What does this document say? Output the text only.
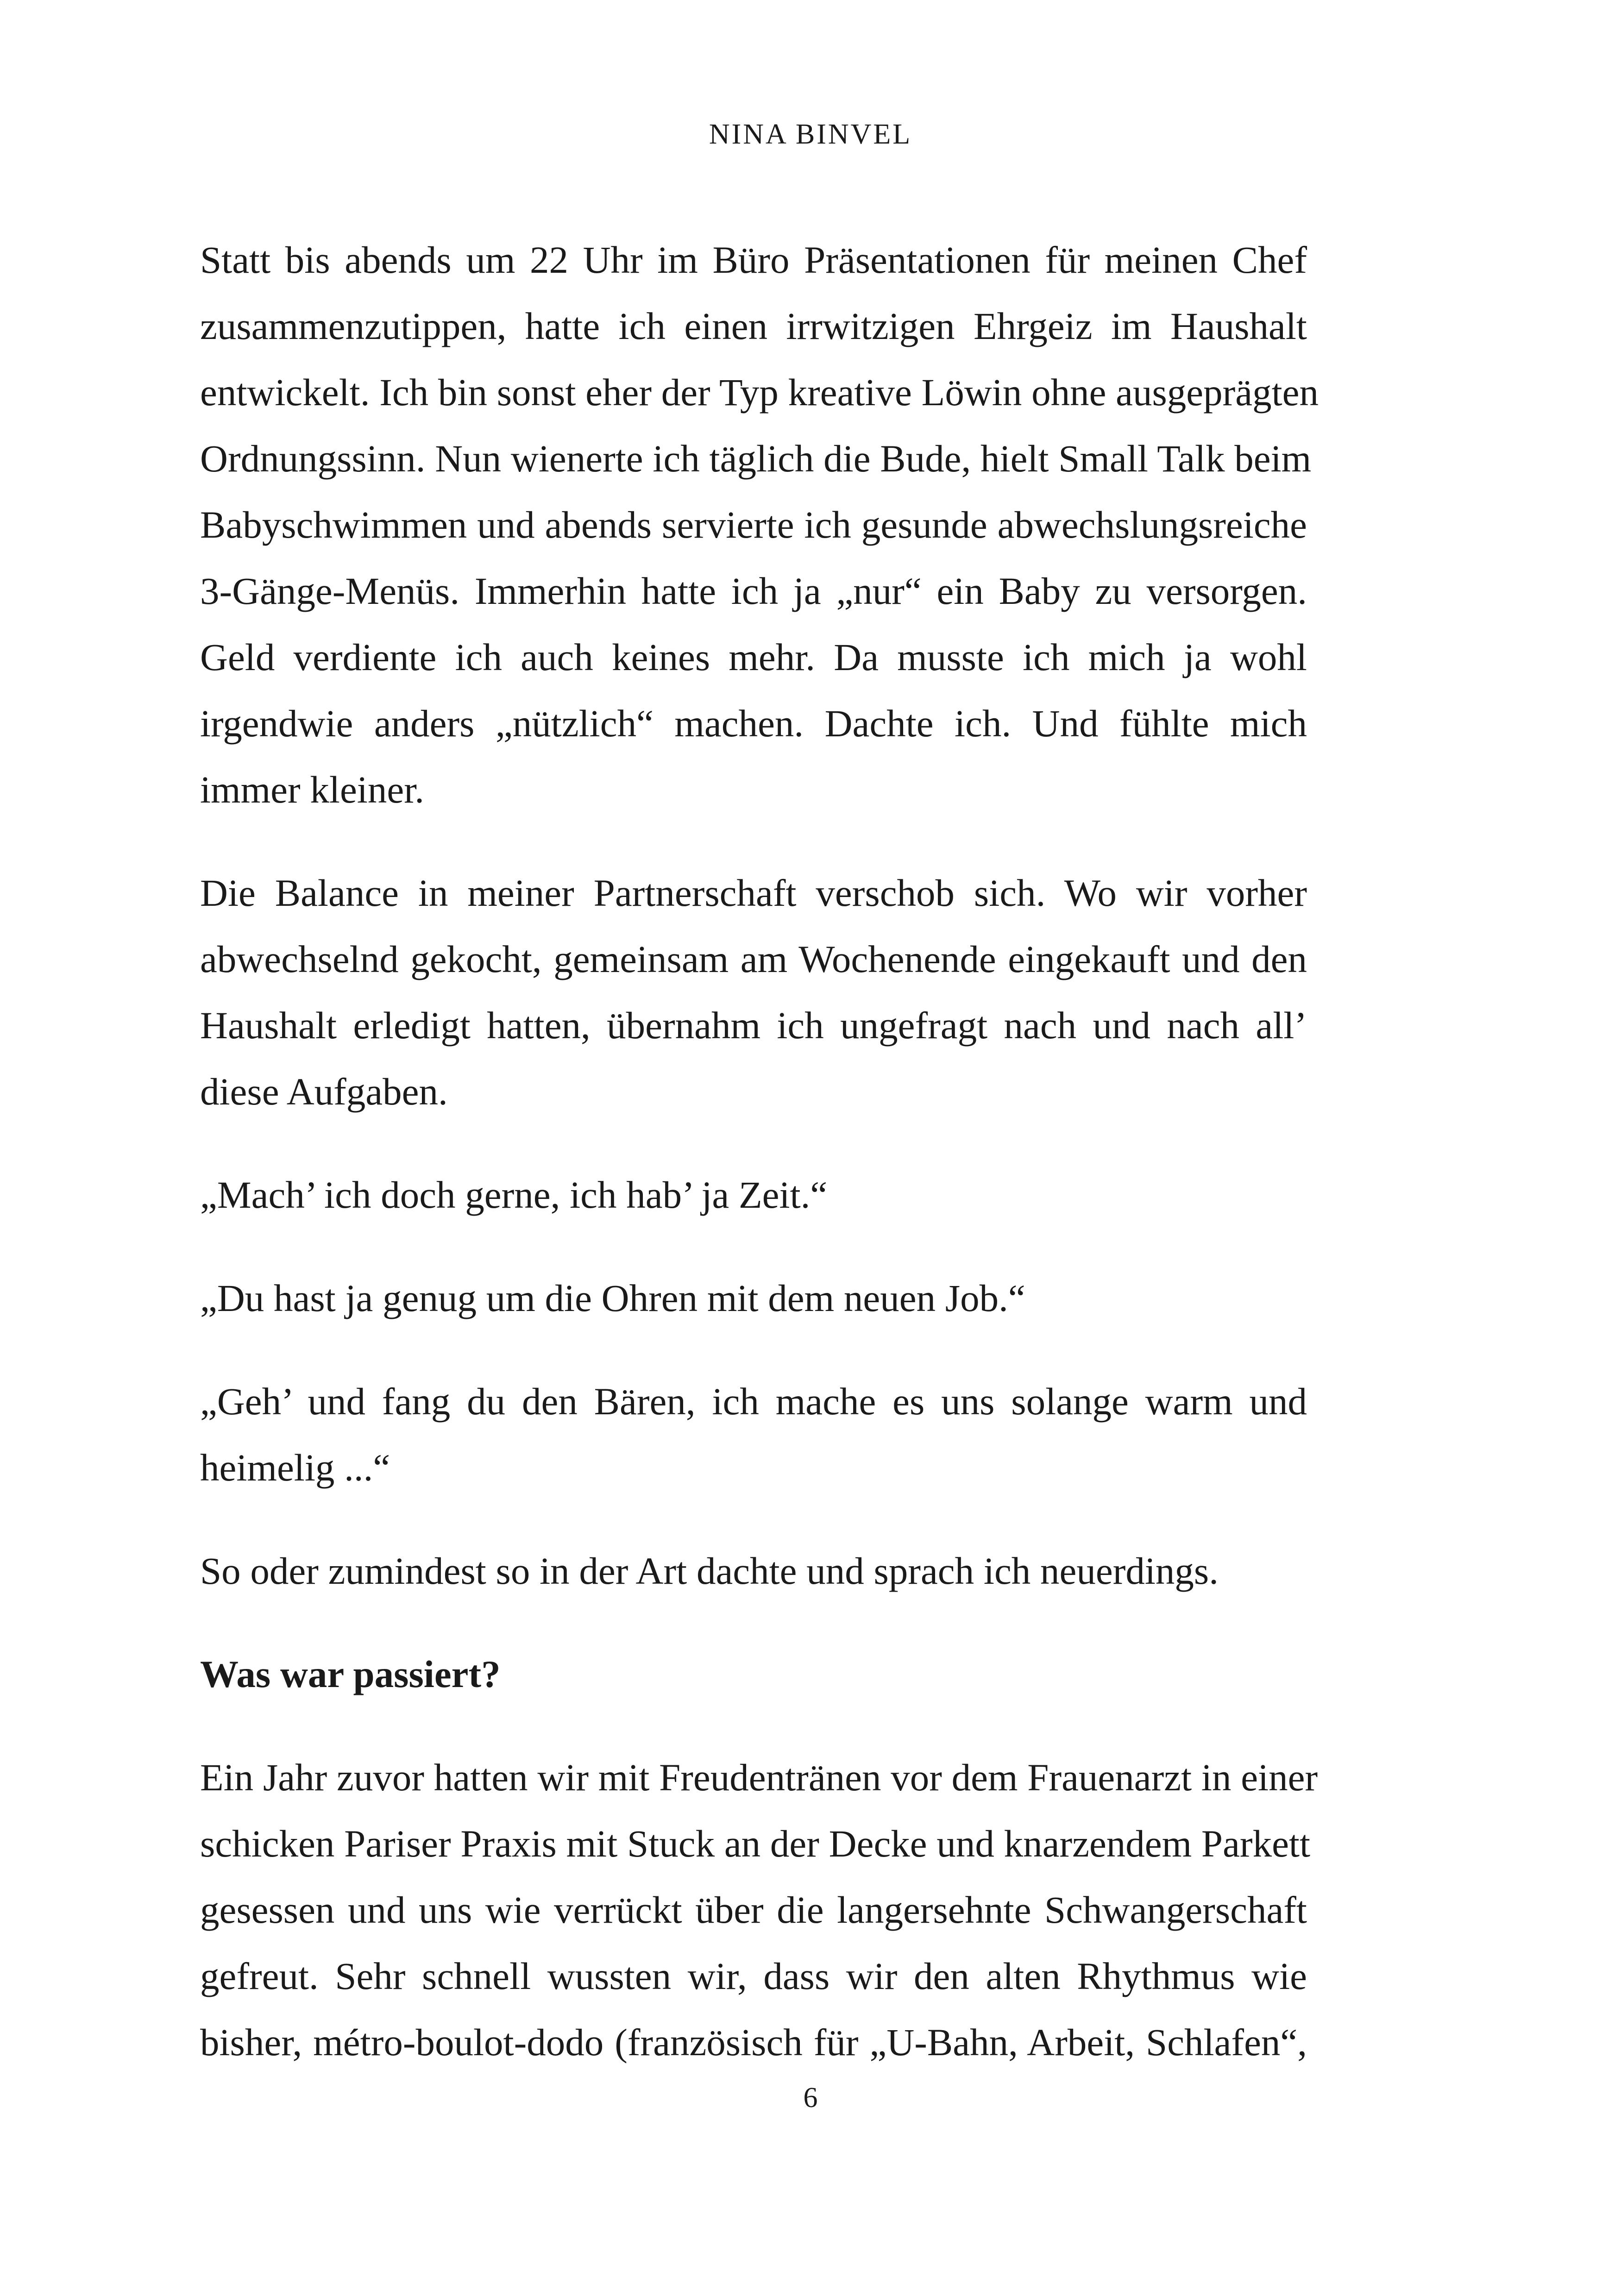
NINA BINVEL
Statt bis abends um 22 Uhr im Büro Präsentationen für meinen Chef
zusammenzutippen, hatte ich einen irrwitzigen Ehrgeiz im Haushalt
entwickelt. Ich bin sonst eher der Typ kreative Löwin ohne ausgeprägten
Ordnungssinn. Nun wienerte ich täglich die Bude, hielt Small Talk beim
Babyschwimmen und abends servierte ich gesunde abwechslungsreiche
3-Gänge-Menüs. Immerhin hatte ich ja „nur“ ein Baby zu versorgen.
Geld verdiente ich auch keines mehr. Da musste ich mich ja wohl
irgendwie anders „nützlich“ machen. Dachte ich. Und fühlte mich
immer kleiner.
Die Balance in meiner Partnerschaft verschob sich. Wo wir vorher
abwechselnd gekocht, gemeinsam am Wochenende eingekauft und den
Haushalt erledigt hatten, übernahm ich ungefragt nach und nach all’
diese Aufgaben.
„Mach’ ich doch gerne, ich hab’ ja Zeit.“
„Du hast ja genug um die Ohren mit dem neuen Job.“
„Geh’ und fang du den Bären, ich mache es uns solange warm und
heimelig ...“
So oder zumindest so in der Art dachte und sprach ich neuerdings.
Was war passiert?
Ein Jahr zuvor hatten wir mit Freudentränen vor dem Frauenarzt in einer
schicken Pariser Praxis mit Stuck an der Decke und knarzendem Parkett
gesessen und uns wie verrückt über die langersehnte Schwangerschaft
gefreut. Sehr schnell wussten wir, dass wir den alten Rhythmus wie
bisher, métro-boulot-dodo (französisch für „U-Bahn, Arbeit, Schlafen“,
6
